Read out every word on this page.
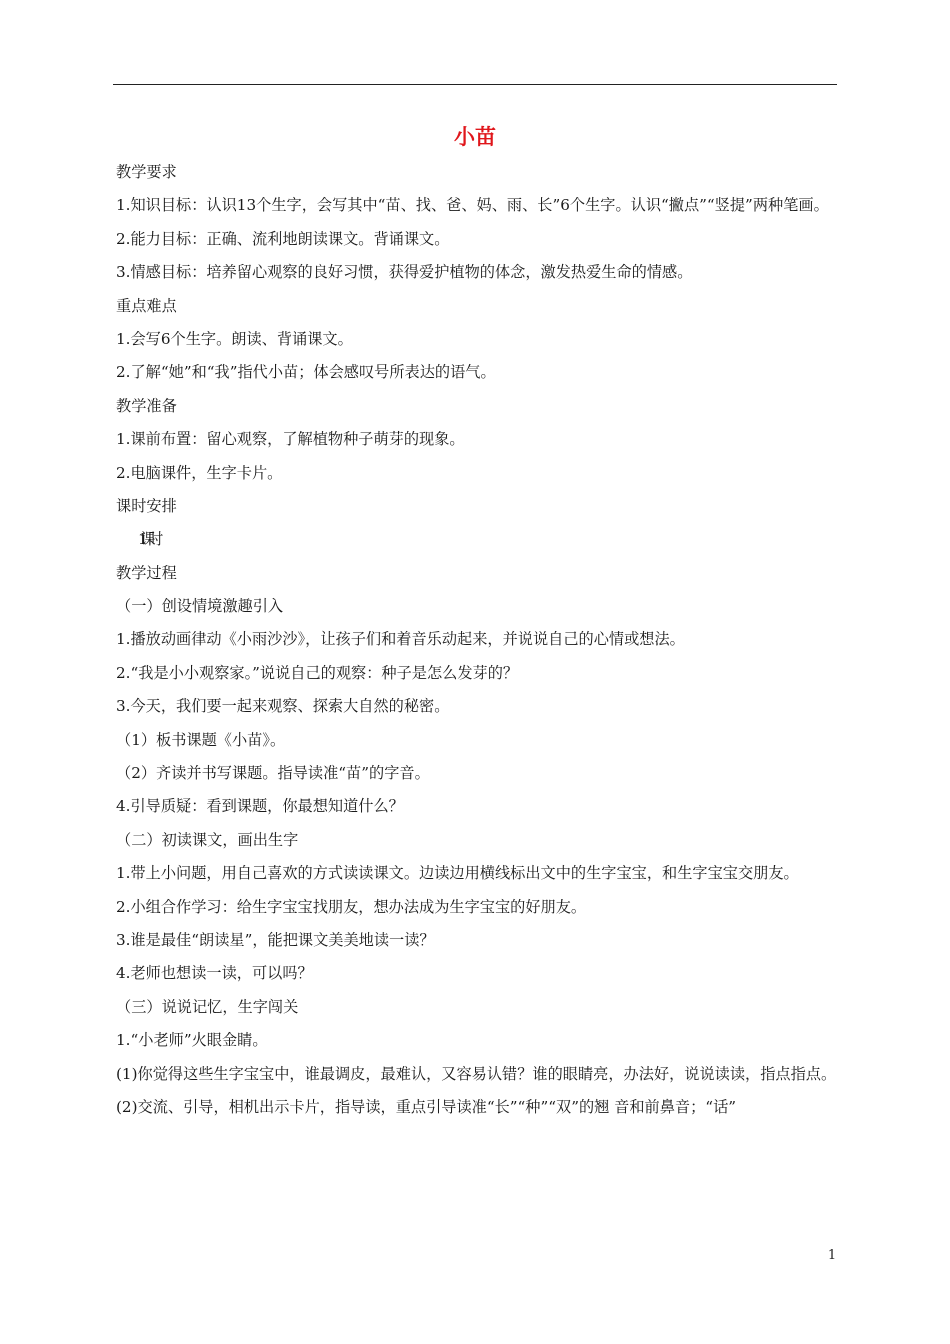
小苗
教学要求
1.知识目标：认识13个生字，会写其中“苗、找、爸、妈、雨、长”6个生字。认识“撇点”“竖提”两种笔画。
2.能力目标：正确、流利地朗读课文。背诵课文。
3.情感目标：培养留心观察的良好习惯，获得爱护植物的体念，激发热爱生命的情感。
重点难点
1.会写6个生字。朗读、背诵课文。
2.了解“她”和“我”指代小苗；体会感叹号所表达的语气。
教学准备
1.课前布置：留心观察，了解植物种子萌芽的现象。
2.电脑课件，生字卡片。
课时安排
1课时
教学过程
（一）创设情境激趣引入
1.播放动画律动《小雨沙沙》，让孩子们和着音乐动起来，并说说自己的心情或想法。
2.“我是小小观察家。”说说自己的观察：种子是怎么发芽的？
3.今天，我们要一起来观察、探索大自然的秘密。
（1）板书课题《小苗》。
（2）齐读并书写课题。指导读准“苗”的字音。
4.引导质疑：看到课题，你最想知道什么？
（二）初读课文，画出生字
1.带上小问题，用自己喜欢的方式读读课文。边读边用横线标出文中的生字宝宝，和生字宝宝交朋友。
2.小组合作学习：给生字宝宝找朋友，想办法成为生字宝宝的好朋友。
3.谁是最佳“朗读星”，能把课文美美地读一读？
4.老师也想读一读，可以吗？
（三）说说记忆，生字闯关
1.“小老师”火眼金睛。
(1)你觉得这些生字宝宝中，谁最调皮，最难认，又容易认错？谁的眼睛亮，办法好，说说读读，指点指点。
(2)交流、引导，相机出示卡片，指导读，重点引导读准“长”“种”“双”的翘 音和前鼻音；“话”
1
